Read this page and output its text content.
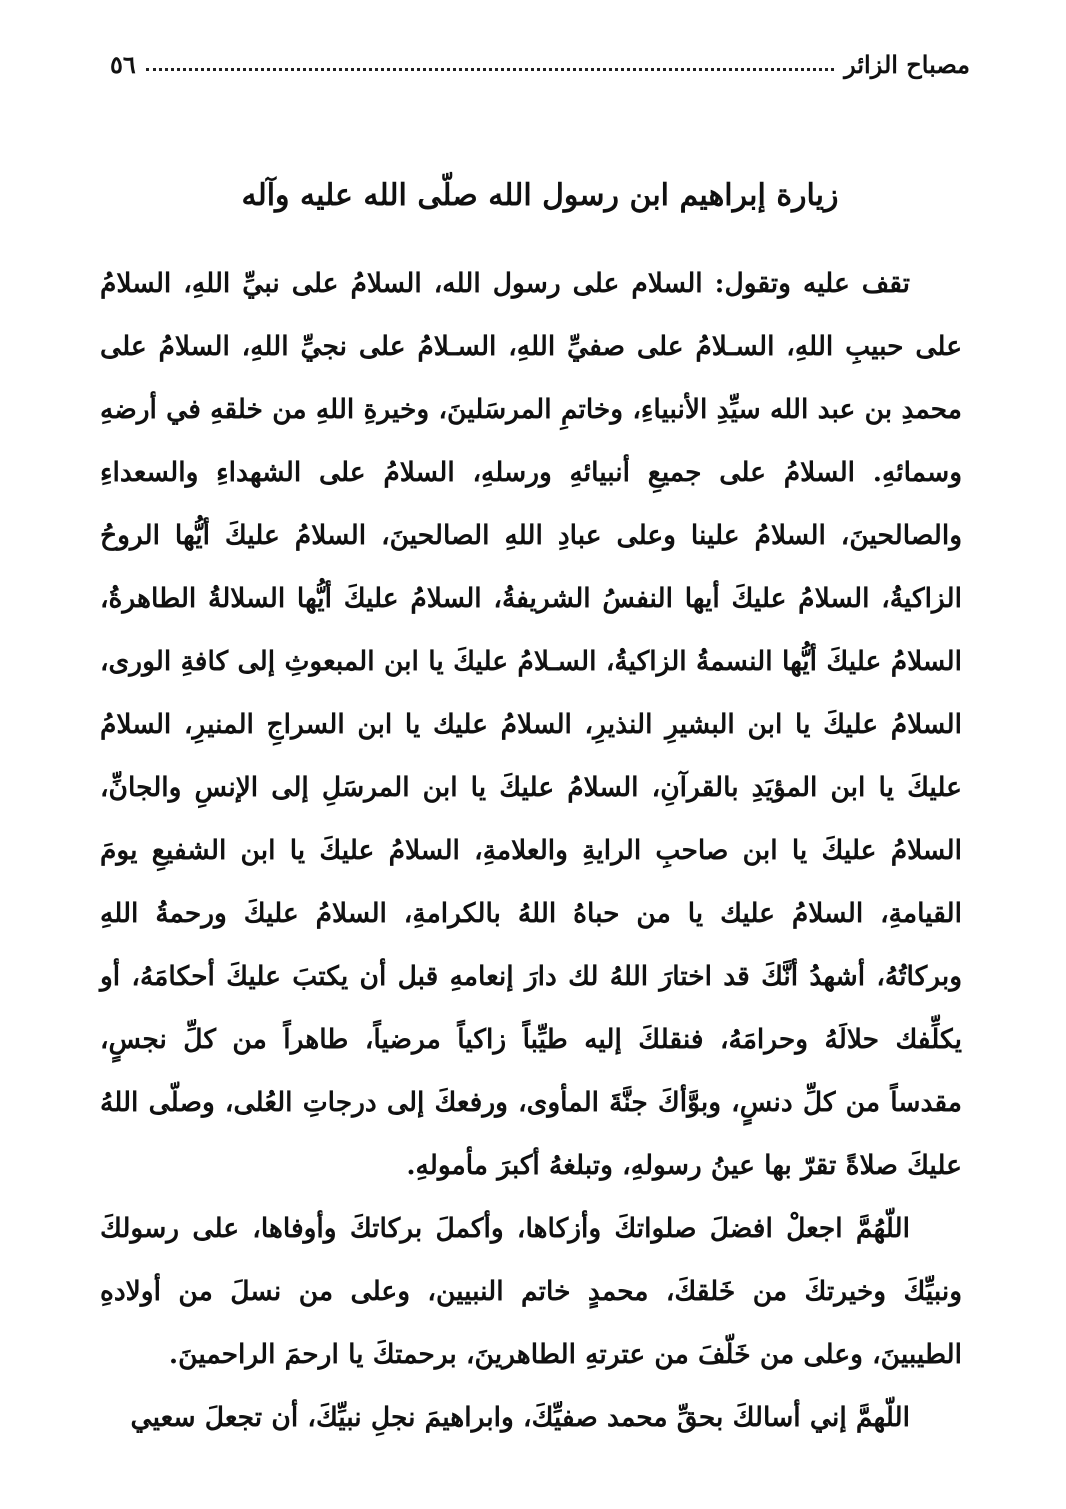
مصباح الزائر
٥٦
زيارة إبراهيم ابن رسول الله صلّى الله عليه وآله

تقف عليه وتقول: السلام على رسول الله، السلامُ على نبيِّ اللهِ، السلامُ على حبيبِ اللهِ، السـلامُ على صفيِّ اللهِ، السـلامُ على نجيِّ اللهِ، السلامُ على محمدِ بن عبد الله سيِّدِ الأنبياءِ، وخاتمِ المرسَلينَ، وخيرةِ اللهِ من خلقهِ في أرضهِ وسمائهِ. السلامُ على جميعِ أنبيائهِ ورسلهِ، السلامُ على الشهداءِ والسعداءِ والصالحينَ، السلامُ علينا وعلى عبادِ اللهِ الصالحينَ، السلامُ عليكَ أيُّها الروحُ الزاكيةُ، السلامُ عليكَ أيها النفسُ الشريفةُ، السلامُ عليكَ أيُّها السلالةُ الطاهرةُ، السلامُ عليكَ أيُّها النسمةُ الزاكيةُ، السـلامُ عليكَ يا ابن المبعوثِ إلى كافةِ الورى، السلامُ عليكَ يا ابن البشيرِ النذيرِ، السلامُ عليك يا ابن السراجِ المنيرِ، السلامُ عليكَ يا ابن المؤيَدِ بالقرآنِ، السلامُ عليكَ يا ابن المرسَلِ إلى الإنسِ والجانِّ، السلامُ عليكَ يا ابن صاحبِ الرايةِ والعلامةِ، السلامُ عليكَ يا ابن الشفيعِ يومَ القيامةِ، السلامُ عليك يا من حباهُ اللهُ بالكرامةِ، السلامُ عليكَ ورحمةُ اللهِ وبركاتُهُ، أشهدُ أنَّكَ قد اختارَ اللهُ لك دارَ إنعامهِ قبل أن يكتبَ عليكَ أحكامَهُ، أو يكلِّفك حلالَهُ وحرامَهُ، فنقلكَ إليه طيِّباً زاكياً مرضياً، طاهراً من كلِّ نجسٍ، مقدساً من كلِّ دنسٍ، وبوَّأكَ جنَّةَ المأوى، ورفعكَ إلى درجاتِ العُلى، وصلّى اللهُ عليكَ صلاةً تقرّ بها عينُ رسولهِ، وتبلغهُ أكبرَ مأمولهِ.

اللّهُمَّ اجعلْ افضلَ صلواتكَ وأزكاها، وأكملَ بركاتكَ وأوفاها، على رسولكَ ونبيِّكَ وخيرتكَ من خَلقكَ، محمدٍ خاتم النبيين، وعلى من نسلَ من أولادهِ الطيبينَ، وعلى من خَلّفَ من عترتهِ الطاهرينَ، برحمتكَ يا ارحمَ الراحمينَ.

اللّهمَّ إني أسالكَ بحقِّ محمد صفيِّكَ، وابراهيمَ نجلِ نبيِّكَ، أن تجعلَ سعيي
